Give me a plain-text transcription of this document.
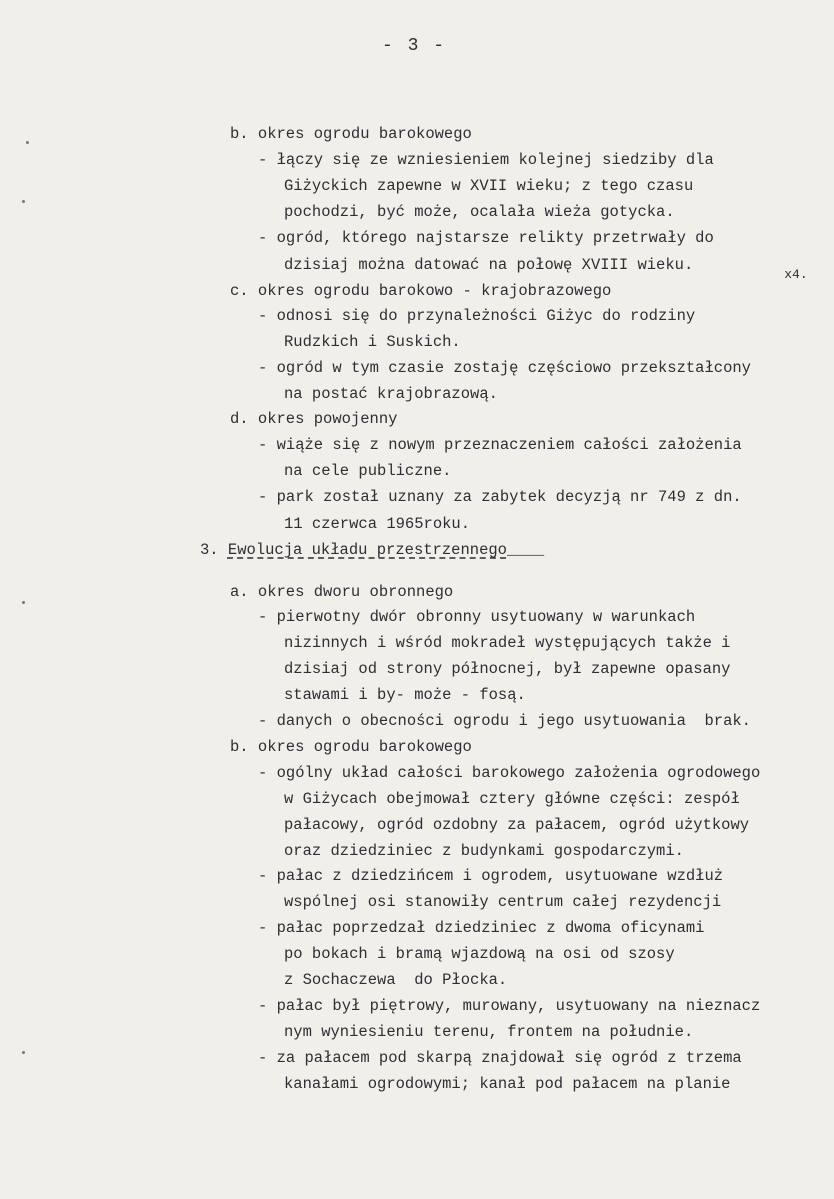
- 3 -
b. okres ogrodu barokowego
- łączy się ze wzniesieniem kolejnej siedziby dla
Giżyckich zapewne w XVII wieku; z tego czasu
pochodzi, być może, ocalała wieża gotycka.
- ogród, którego najstarsze relikty przetrwały do
dzisiaj można datować na połowę XVIII wieku.

$^{x4.}$

c. okres ogrodu barokowo - krajobrazowego
- odnosi się do przynależności Giżyc do rodziny
Rudzkich i Suskich.
- ogród w tym czasie zostaję częściowo przekształcony
na postać krajobrazową.
d. okres powojenny
- wiąże się z nowym przeznaczeniem całości założenia
na cele publiczne.
- park został uznany za zabytek decyzją nr 749 z dn.
11 czerwca 1965roku.
3. Ewolucja układu przestrzennego____
a. okres dworu obronnego
- pierwotny dwór obronny usytuowany w warunkach
nizinnych i wśród mokradeł występujących także i
dzisiaj od strony północnej, był zapewne opasany
stawami i by- może - fosą.
- danych o obecności ogrodu i jego usytuowania  brak.
b. okres ogrodu barokowego
- ogólny układ całości barokowego założenia ogrodowego
w Giżycach obejmował cztery główne części: zespół
pałacowy, ogród ozdobny za pałacem, ogród użytkowy
oraz dziedziniec z budynkami gospodarczymi.
- pałac z dziedzińcem i ogrodem, usytuowane wzdłuż
wspólnej osi stanowiły centrum całej rezydencji
- pałac poprzedzał dziedziniec z dwoma oficynami
po bokach i bramą wjazdową na osi od szosy
z Sochaczewa  do Płocka.
- pałac był piętrowy, murowany, usytuowany na nieznacz
nym wyniesieniu terenu, frontem na południe.
- za pałacem pod skarpą znajdował się ogród z trzema
kanałami ogrodowymi; kanał pod pałacem na planie
